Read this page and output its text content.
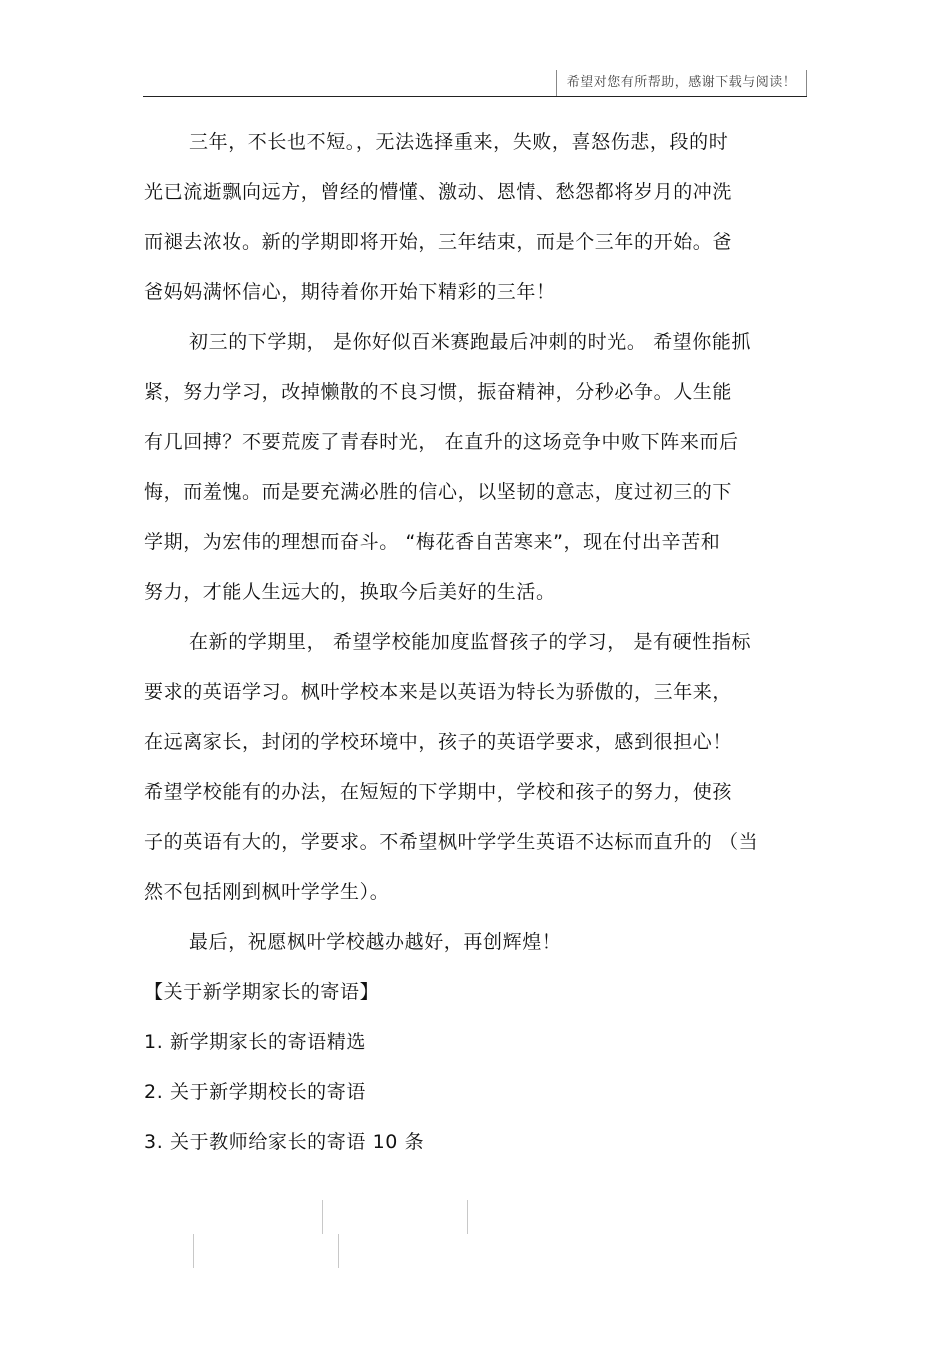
希望对您有所帮助，感谢下载与阅读！
三年，不长也不短。，无法选择重来，失败，喜怒伤悲，段的时
光已流逝飘向远方，曾经的懵懂、激动、恩情、愁怨都将岁月的冲洗
而褪去浓妆。新的学期即将开始，三年结束，而是个三年的开始。爸
爸妈妈满怀信心，期待着你开始下精彩的三年！
初三的下学期， 是你好似百米赛跑最后冲刺的时光。 希望你能抓
紧，努力学习，改掉懒散的不良习惯，振奋精神，分秒必争。人生能
有几回搏？不要荒废了青春时光， 在直升的这场竞争中败下阵来而后
悔，而羞愧。而是要充满必胜的信心，以坚韧的意志，度过初三的下
学期，为宏伟的理想而奋斗。 “梅花香自苦寒来”，现在付出辛苦和
努力，才能人生远大的，换取今后美好的生活。
在新的学期里， 希望学校能加度监督孩子的学习， 是有硬性指标
要求的英语学习。枫叶学校本来是以英语为特长为骄傲的，三年来，
在远离家长，封闭的学校环境中，孩子的英语学要求，感到很担心！
希望学校能有的办法，在短短的下学期中，学校和孩子的努力，使孩
子的英语有大的，学要求。不希望枫叶学学生英语不达标而直升的 （当
然不包括刚到枫叶学学生）。
最后，祝愿枫叶学校越办越好，再创辉煌！
【关于新学期家长的寄语】
1. 新学期家长的寄语精选
2. 关于新学期校长的寄语
3. 关于教师给家长的寄语 10 条
